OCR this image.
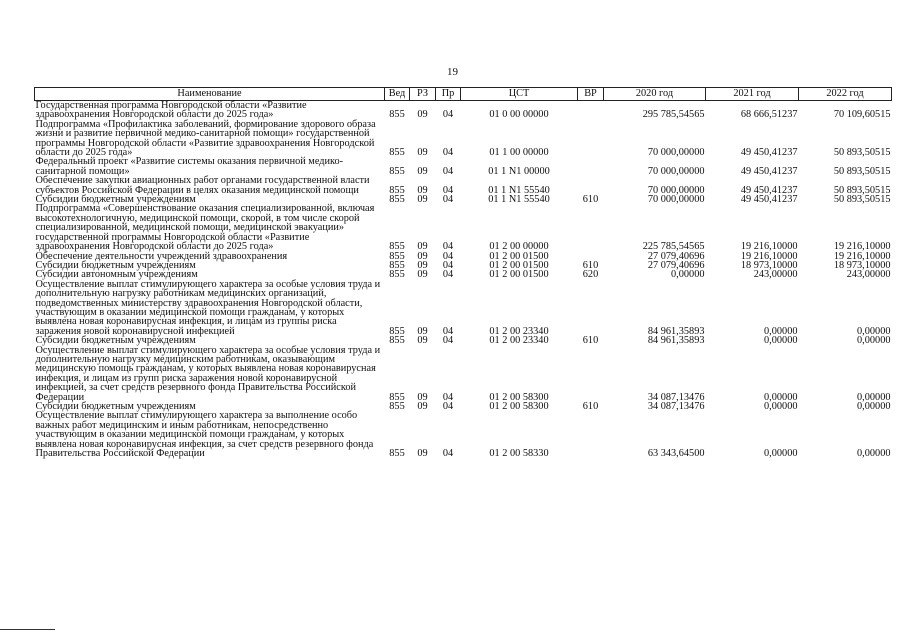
19
Наименование	Вед	РЗ	Пр	ЦСТ	ВР	2020 год	2021 год	2022 год
Государственная программа Новгородской области «Развитие здравоохранения Новгородской области до 2025 года»	855	09	04	01 0 00 00000		295 785,54565	68 666,51237	70 109,60515
Подпрограмма «Профилактика заболеваний, формирование здорового образа жизни и развитие первичной медико-санитарной помощи» государственной программы Новгородской области «Развитие здравоохранения Новгородской области до 2025 года»	855	09	04	01 1 00 00000		70 000,00000	49 450,41237	50 893,50515
Федеральный проект «Развитие системы оказания первичной медико-санитарной помощи»	855	09	04	01 1 N1 00000		70 000,00000	49 450,41237	50 893,50515
Обеспечение закупки авиационных работ органами государственной власти субъектов Российской Федерации в целях оказания медицинской помощи	855	09	04	01 1 N1 55540		70 000,00000	49 450,41237	50 893,50515
Субсидии бюджетным учреждениям	855	09	04	01 1 N1 55540	610	70 000,00000	49 450,41237	50 893,50515
Подпрограмма «Совершенствование оказания специализированной, включая высокотехнологичную, медицинской помощи, скорой, в том числе скорой специализированной, медицинской помощи, медицинской эвакуации» государственной программы Новгородской области «Развитие здравоохранения Новгородской области до 2025 года»	855	09	04	01 2 00 00000		225 785,54565	19 216,10000	19 216,10000
Обеспечение деятельности учреждений здравоохранения	855	09	04	01 2 00 01500		27 079,40696	19 216,10000	19 216,10000
Субсидии бюджетным учреждениям	855	09	04	01 2 00 01500	610	27 079,40696	18 973,10000	18 973,10000
Субсидии автономным учреждениям	855	09	04	01 2 00 01500	620	0,00000	243,00000	243,00000
Осуществление выплат стимулирующего характера за особые условия труда и дополнительную нагрузку работникам медицинских организаций, подведомственных министерству здравоохранения Новгородской области, участвующим в оказании медицинской помощи гражданам, у которых выявлена новая коронавирусная инфекция, и лицам из группы риска заражения новой коронавирусной инфекцией	855	09	04	01 2 00 23340		84 961,35893	0,00000	0,00000
Субсидии бюджетным учреждениям	855	09	04	01 2 00 23340	610	84 961,35893	0,00000	0,00000
Осуществление выплат стимулирующего характера за особые условия труда и дополнительную нагрузку медицинским работникам, оказывающим медицинскую помощь гражданам, у которых выявлена новая коронавирусная инфекция, и лицам из групп риска заражения новой коронавирусной инфекцией, за счет средств резервного фонда Правительства Российской Федерации	855	09	04	01 2 00 58300		34 087,13476	0,00000	0,00000
Субсидии бюджетным учреждениям	855	09	04	01 2 00 58300	610	34 087,13476	0,00000	0,00000
Осуществление выплат стимулирующего характера за выполнение особо важных работ медицинским и иным работникам, непосредственно участвующим в оказании медицинской помощи гражданам, у которых выявлена новая коронавирусная инфекция, за счет средств резервного фонда Правительства Российской Федерации	855	09	04	01 2 00 58330		63 343,64500	0,00000	0,00000
